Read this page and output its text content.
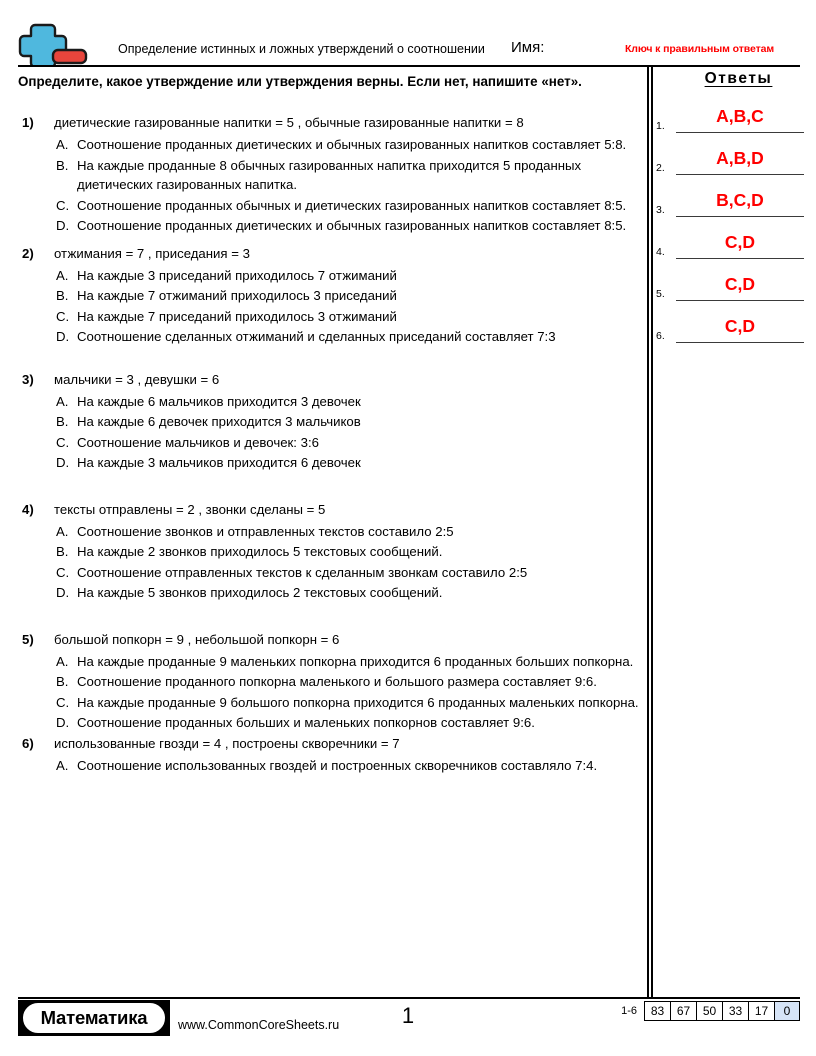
Определение истинных и ложных утверждений о соотношении	Имя:	Ключ к правильным ответам
Определите, какое утверждение или утверждения верны. Если нет, напишите «нет».
1) диетические газированные напитки = 5 , обычные газированные напитки = 8
A. Соотношение проданных диетических и обычных газированных напитков составляет 5:8.
B. На каждые проданные 8 обычных газированных напитка приходится 5 проданных диетических газированных напитка.
C. Соотношение проданных обычных и диетических газированных напитков составляет 8:5.
D. Соотношение проданных диетических и обычных газированных напитков составляет 8:5.
2) отжимания = 7 , приседания = 3
A. На каждые 3 приседаний приходилось 7 отжиманий
B. На каждые 7 отжиманий приходилось 3 приседаний
C. На каждые 7 приседаний приходилось 3 отжиманий
D. Соотношение сделанных отжиманий и сделанных приседаний составляет 7:3
3) мальчики = 3 , девушки = 6
A. На каждые 6 мальчиков приходится 3 девочек
B. На каждые 6 девочек приходится 3 мальчиков
C. Соотношение мальчиков и девочек: 3:6
D. На каждые 3 мальчиков приходится 6 девочек
4) тексты отправлены = 2 , звонки сделаны = 5
A. Соотношение звонков и отправленных текстов составило 2:5
B. На каждые 2 звонков приходилось 5 текстовых сообщений.
C. Соотношение отправленных текстов к сделанным звонкам составило 2:5
D. На каждые 5 звонков приходилось 2 текстовых сообщений.
5) большой попкорн = 9 , небольшой попкорн = 6
A. На каждые проданные 9 маленьких попкорна приходится 6 проданных больших попкорна.
B. Соотношение проданного попкорна маленького и большого размера составляет 9:6.
C. На каждые проданные 9 большого попкорна приходится 6 проданных маленьких попкорна.
D. Соотношение проданных больших и маленьких попкорнов составляет 9:6.
6) использованные гвозди = 4 , построены скворечники = 7
A. Соотношение использованных гвоздей и построенных скворечников составляло 7:4.
Ответы
1.	A,B,C
2.	A,B,D
3.	B,C,D
4.	C,D
5.	C,D
6.	C,D
Математика www.CommonCoreSheets.ru	1	1-6	83	67	50	33	17	0
